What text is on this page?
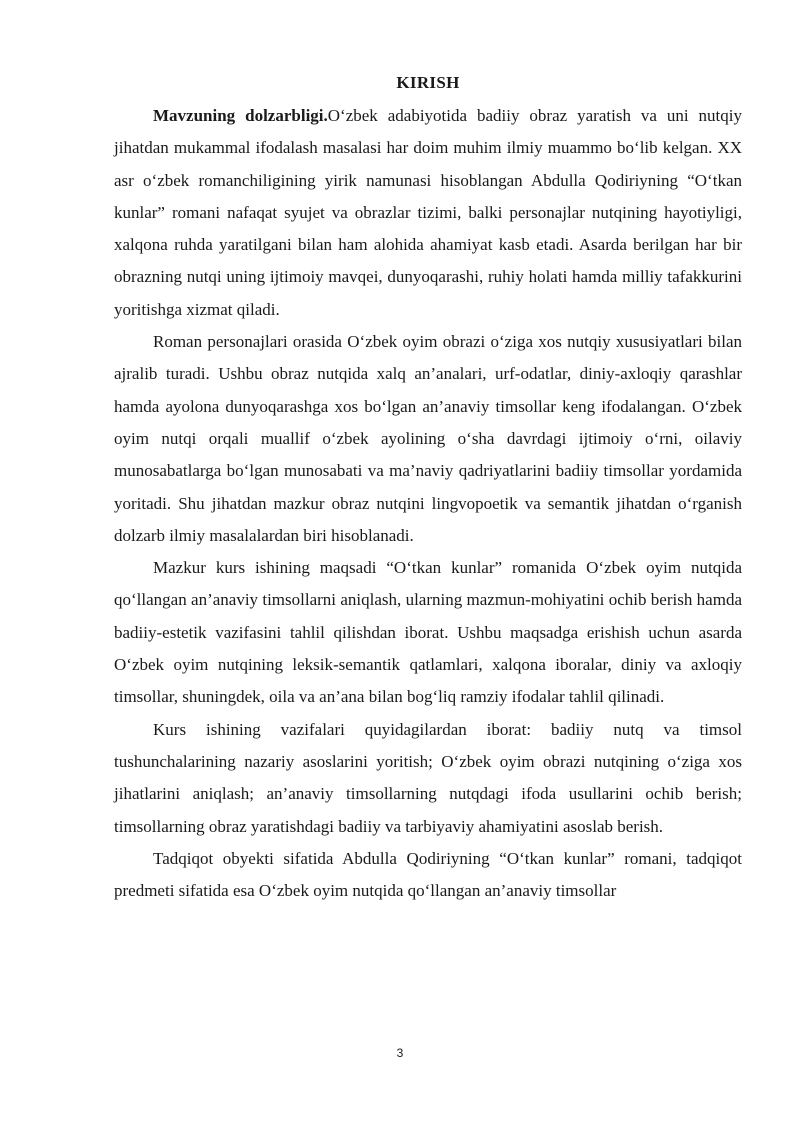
KIRISH

Mavzuning dolzarbligi.O‘zbek adabiyotida badiiy obraz yaratish va uni nutqiy jihatdan mukammal ifodalash masalasi har doim muhim ilmiy muammo bo‘lib kelgan. XX asr o‘zbek romanchiligining yirik namunasi hisoblangan Abdulla Qodiriyning “O‘tkan kunlar” romani nafaqat syujet va obrazlar tizimi, balki personajlar nutqining hayotiyligi, xalqona ruhda yaratilgani bilan ham alohida ahamiyat kasb etadi. Asarda berilgan har bir obrazning nutqi uning ijtimoiy mavqei, dunyoqarashi, ruhiy holati hamda milliy tafakkurini yoritishga xizmat qiladi.

Roman personajlari orasida O‘zbek oyim obrazi o‘ziga xos nutqiy xususiyatlari bilan ajralib turadi. Ushbu obraz nutqida xalq an’analari, urf-odatlar, diniy-axloqiy qarashlar hamda ayolona dunyoqarashga xos bo‘lgan an’anaviy timsollar keng ifodalangan. O‘zbek oyim nutqi orqali muallif o‘zbek ayolining o‘sha davrdagi ijtimoiy o‘rni, oilaviy munosabatlarga bo‘lgan munosabati va ma’naviy qadriyatlarini badiiy timsollar yordamida yoritadi. Shu jihatdan mazkur obraz nutqini lingvopoetik va semantik jihatdan o‘rganish dolzarb ilmiy masalalardan biri hisoblanadi.

Mazkur kurs ishining maqsadi “O‘tkan kunlar” romanida O‘zbek oyim nutqida qo‘llangan an’anaviy timsollarni aniqlash, ularning mazmun-mohiyatini ochib berish hamda badiiy-estetik vazifasini tahlil qilishdan iborat. Ushbu maqsadga erishish uchun asarda O‘zbek oyim nutqining leksik-semantik qatlamlari, xalqona iboralar, diniy va axloqiy timsollar, shuningdek, oila va an’ana bilan bog‘liq ramziy ifodalar tahlil qilinadi.

Kurs ishining vazifalari quyidagilardan iborat: badiiy nutq va timsol tushunchalarining nazariy asoslarini yoritish; O‘zbek oyim obrazi nutqining o‘ziga xos jihatlarini aniqlash; an’anaviy timsollarning nutqdagi ifoda usullarini ochib berish; timsollarning obraz yaratishdagi badiiy va tarbiyaviy ahamiyatini asoslab berish.

Tadqiqot obyekti sifatida Abdulla Qodiriyning “O‘tkan kunlar” romani, tadqiqot predmeti sifatida esa O‘zbek oyim nutqida qo‘llangan an’anaviy timsollar

3
